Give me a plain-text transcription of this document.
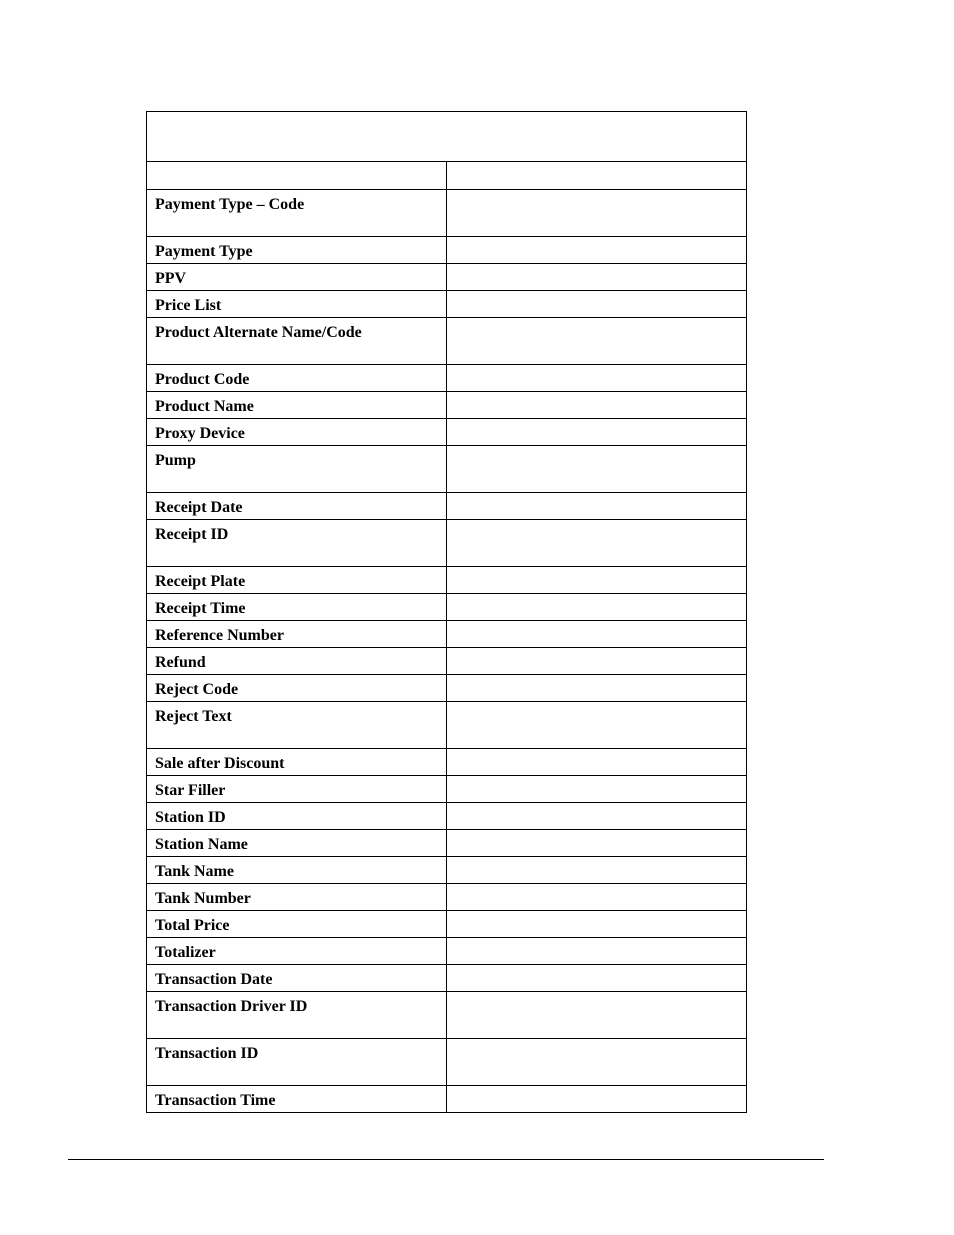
Payment Type – Code	
Payment Type	
PPV	
Price List	
Product Alternate Name/Code	
Product Code	
Product Name	
Proxy Device	
Pump	
Receipt Date	
Receipt ID	
Receipt Plate	
Receipt Time	
Reference Number	
Refund	
Reject Code	
Reject Text	
Sale after Discount	
Star Filler	
Station ID	
Station Name	
Tank Name	
Tank Number	
Total Price	
Totalizer	
Transaction Date	
Transaction Driver ID	
Transaction ID	
Transaction Time	
